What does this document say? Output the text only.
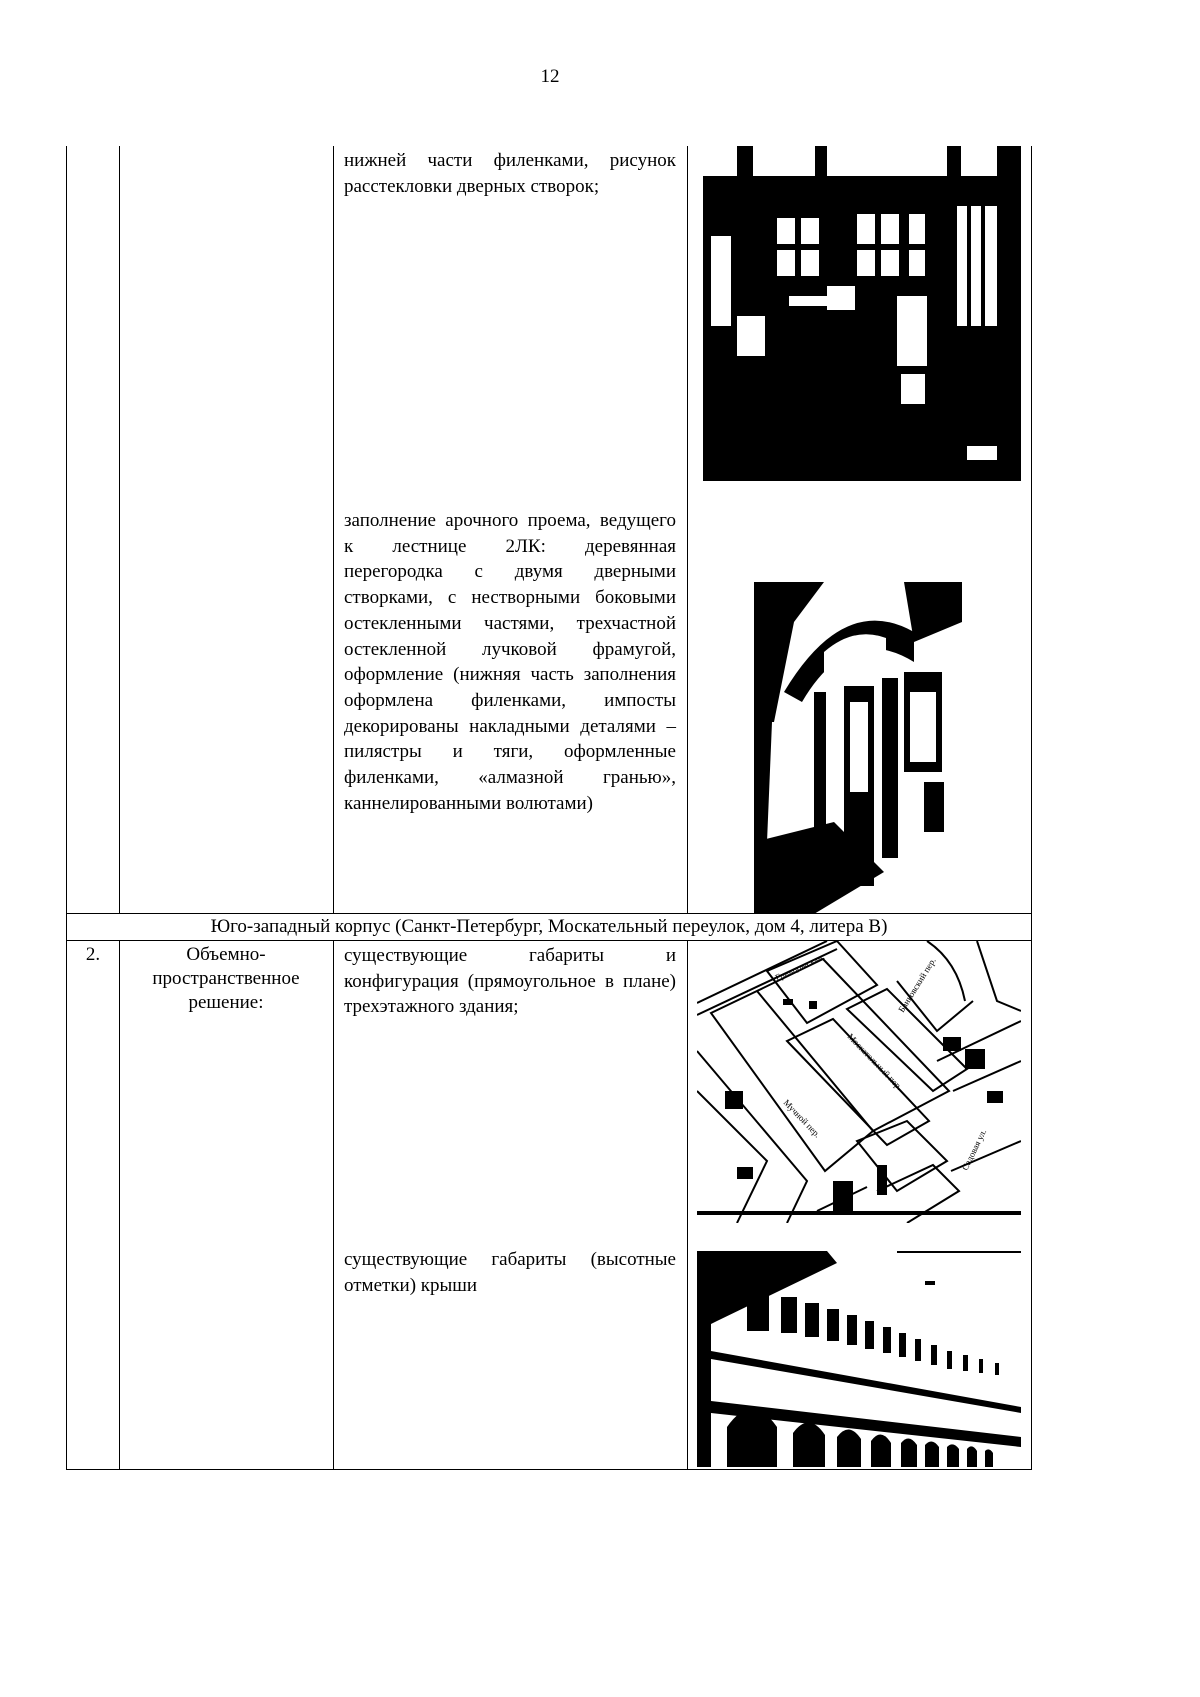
12
нижней части филенками, рисунок расстекловки дверных створок;
заполнение арочного проема, ведущего к лестнице 2ЛК: деревянная перегородка с двумя дверными створками, с нестворными боковыми остекленными частями, трехчастной остекленной лучковой фрамугой, оформление (нижняя часть заполнения оформлена филенками, импосты декорированы накладными деталями – пилястры и тяги, оформленные филенками, «алмазной гранью», каннелированными волютами)
Юго-западный корпус (Санкт-Петербург, Москательный переулок, дом 4, литера В)
2.	Объемно-пространственное решение:
существующие габариты и конфигурация (прямоугольное в плане) трехэтажного здания;
существующие габариты (высотные отметки) крыши
Гривцова кан.
Москательный пер.
Мучной пер.
Банковский пер.
Садовая ул.
